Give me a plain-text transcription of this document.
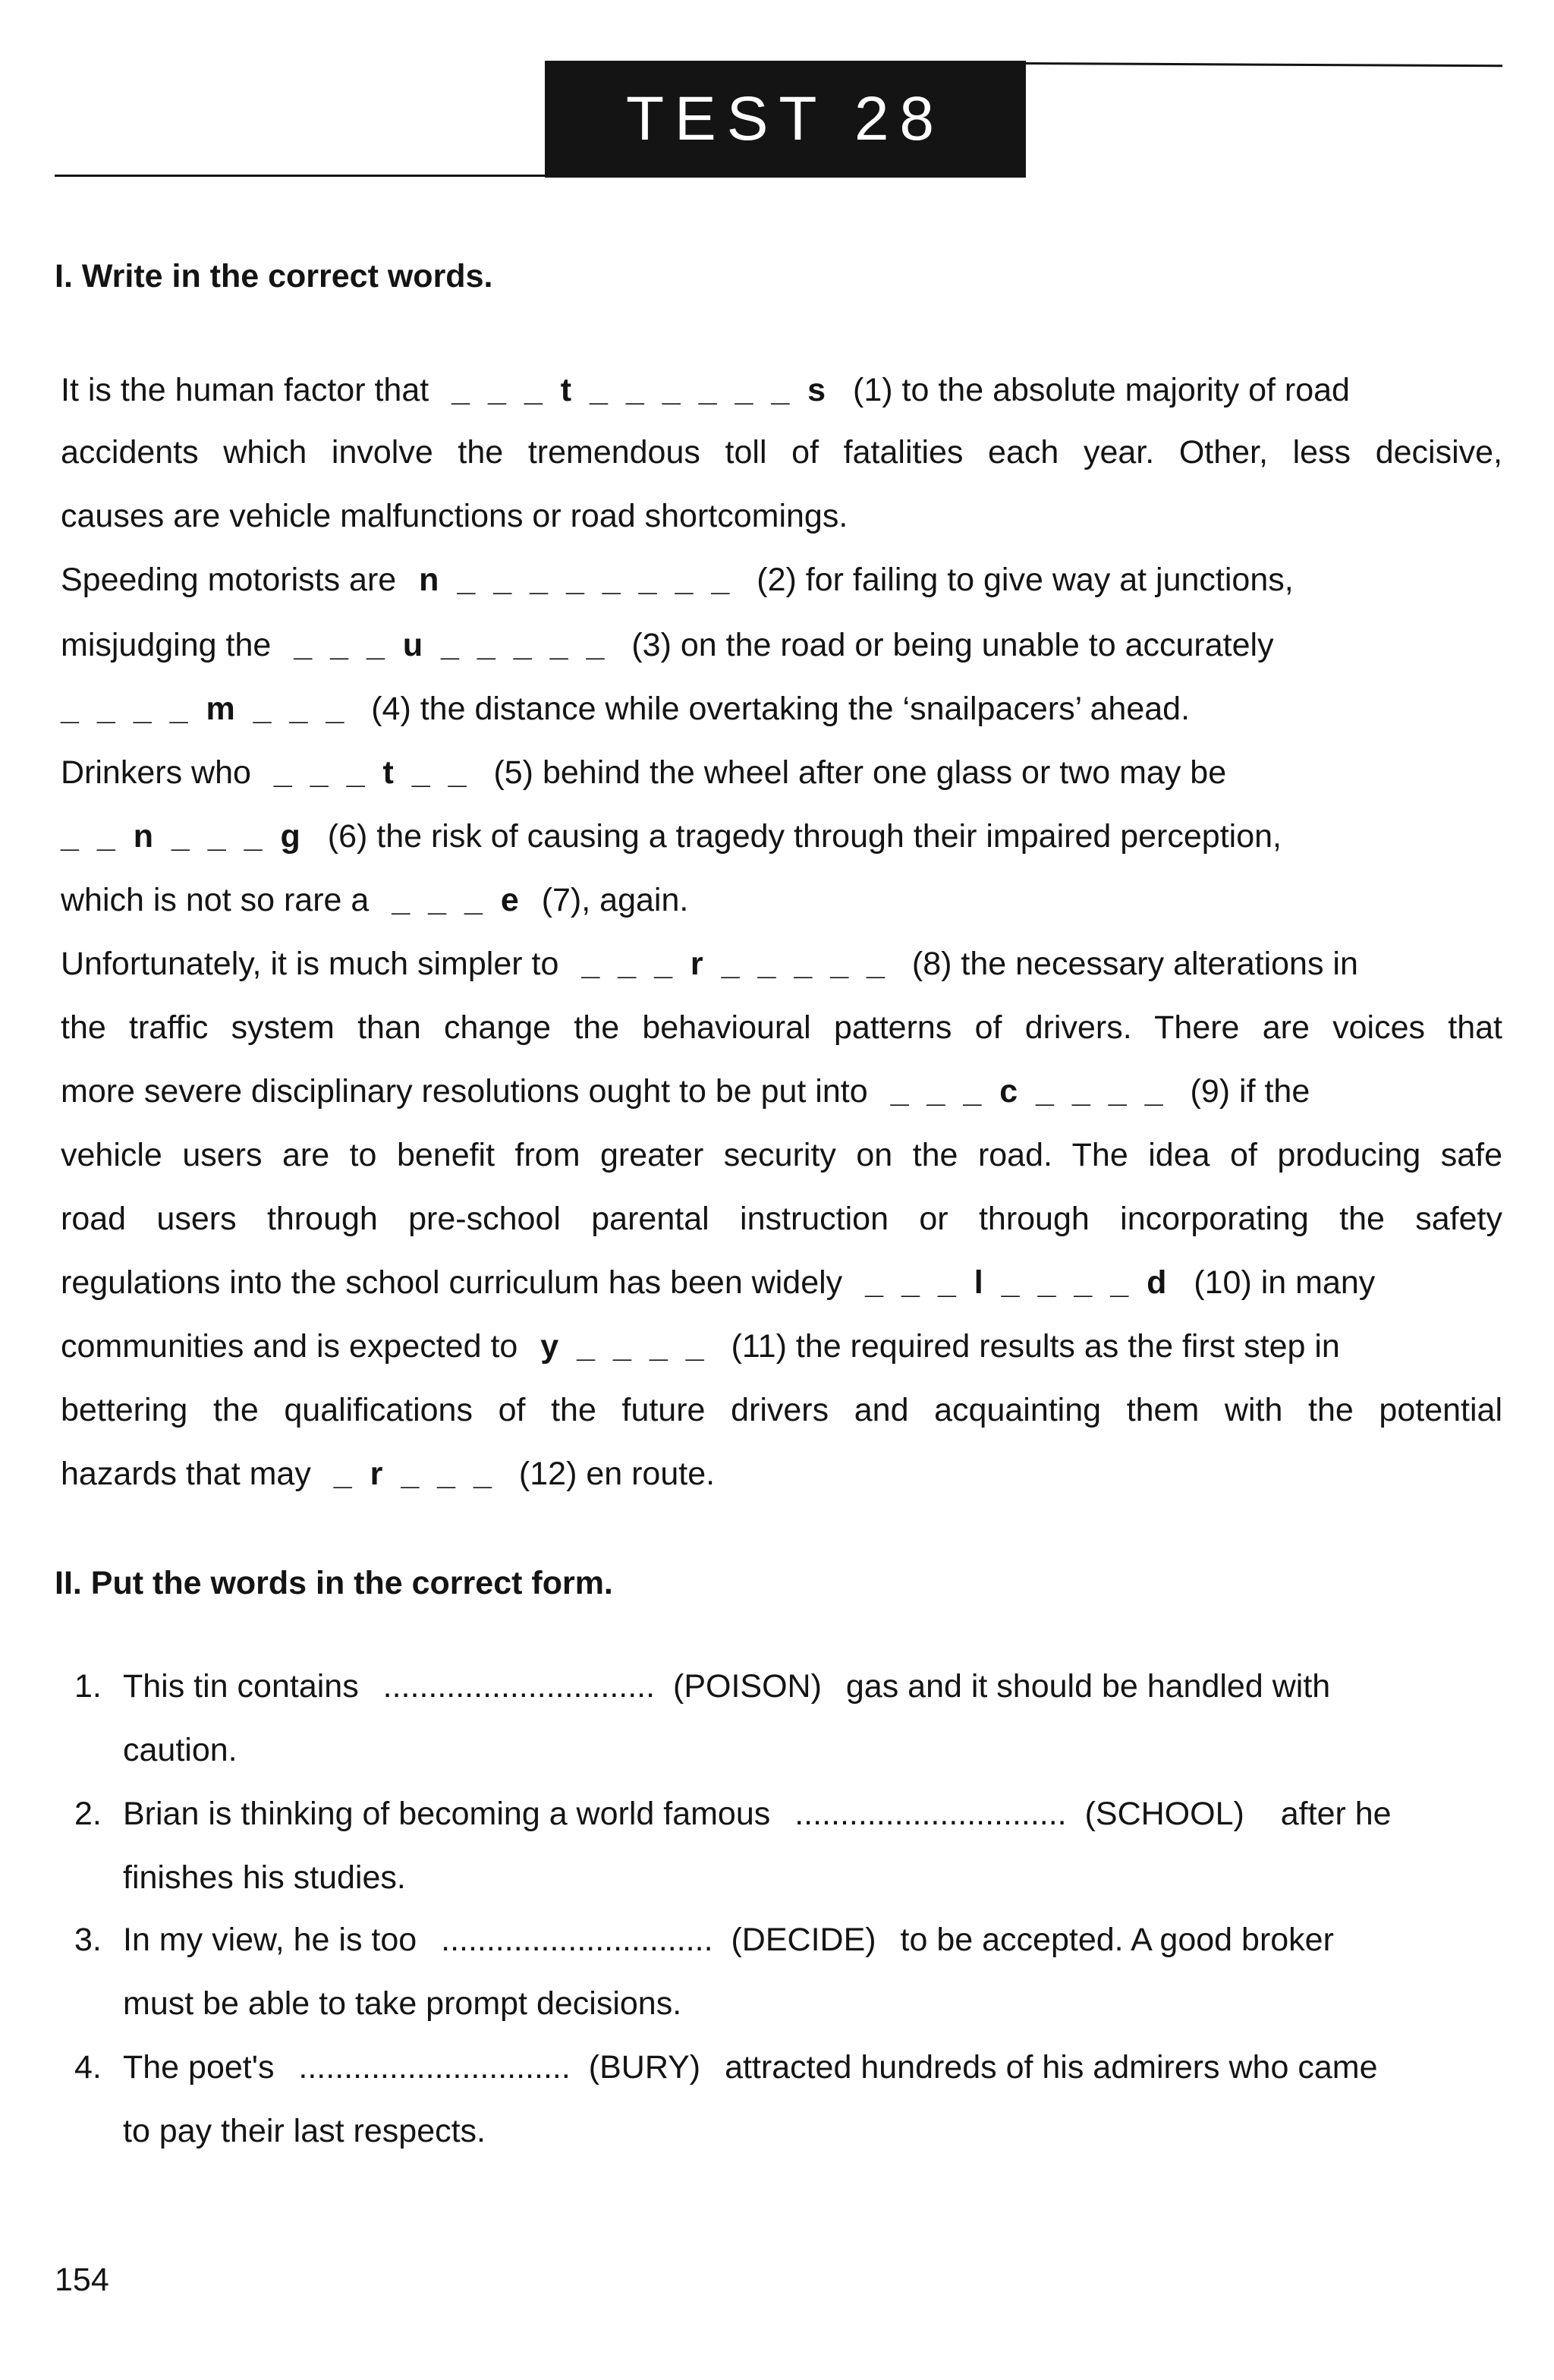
TEST 28
I. Write in the correct words.
It is the human factor that _ _ _ t _ _ _ _ _ _ s (1) to the absolute majority of road
accidents which involve the tremendous toll of fatalities each year. Other, less decisive,
causes are vehicle malfunctions or road shortcomings.
Speeding motorists are n _ _ _ _ _ _ _ _ (2) for failing to give way at junctions,
misjudging the _ _ _ u _ _ _ _ _ (3) on the road or being unable to accurately
_ _ _ _ m _ _ _ (4) the distance while overtaking the ‘snailpacers’ ahead.
Drinkers who _ _ _ t _ _ (5) behind the wheel after one glass or two may be
_ _ n _ _ _ g (6) the risk of causing a tragedy through their impaired perception,
which is not so rare a _ _ _ e (7), again.
Unfortunately, it is much simpler to _ _ _ r _ _ _ _ _ (8) the necessary alterations in
the traffic system than change the behavioural patterns of drivers. There are voices that
more severe disciplinary resolutions ought to be put into _ _ _ c _ _ _ _ (9) if the
vehicle users are to benefit from greater security on the road. The idea of producing safe
road users through pre-school parental instruction or through incorporating the safety
regulations into the school curriculum has been widely _ _ _ l _ _ _ _ d (10) in many
communities and is expected to y _ _ _ _ (11) the required results as the first step in
bettering the qualifications of the future drivers and acquainting them with the potential
hazards that may _ r _ _ _ (12) en route.
II. Put the words in the correct form.
1. This tin contains .............................. (POISON) gas and it should be handled with
caution.
2. Brian is thinking of becoming a world famous .............................. (SCHOOL) after he
finishes his studies.
3. In my view, he is too .............................. (DECIDE) to be accepted. A good broker
must be able to take prompt decisions.
4. The poet's .............................. (BURY) attracted hundreds of his admirers who came
to pay their last respects.
154
